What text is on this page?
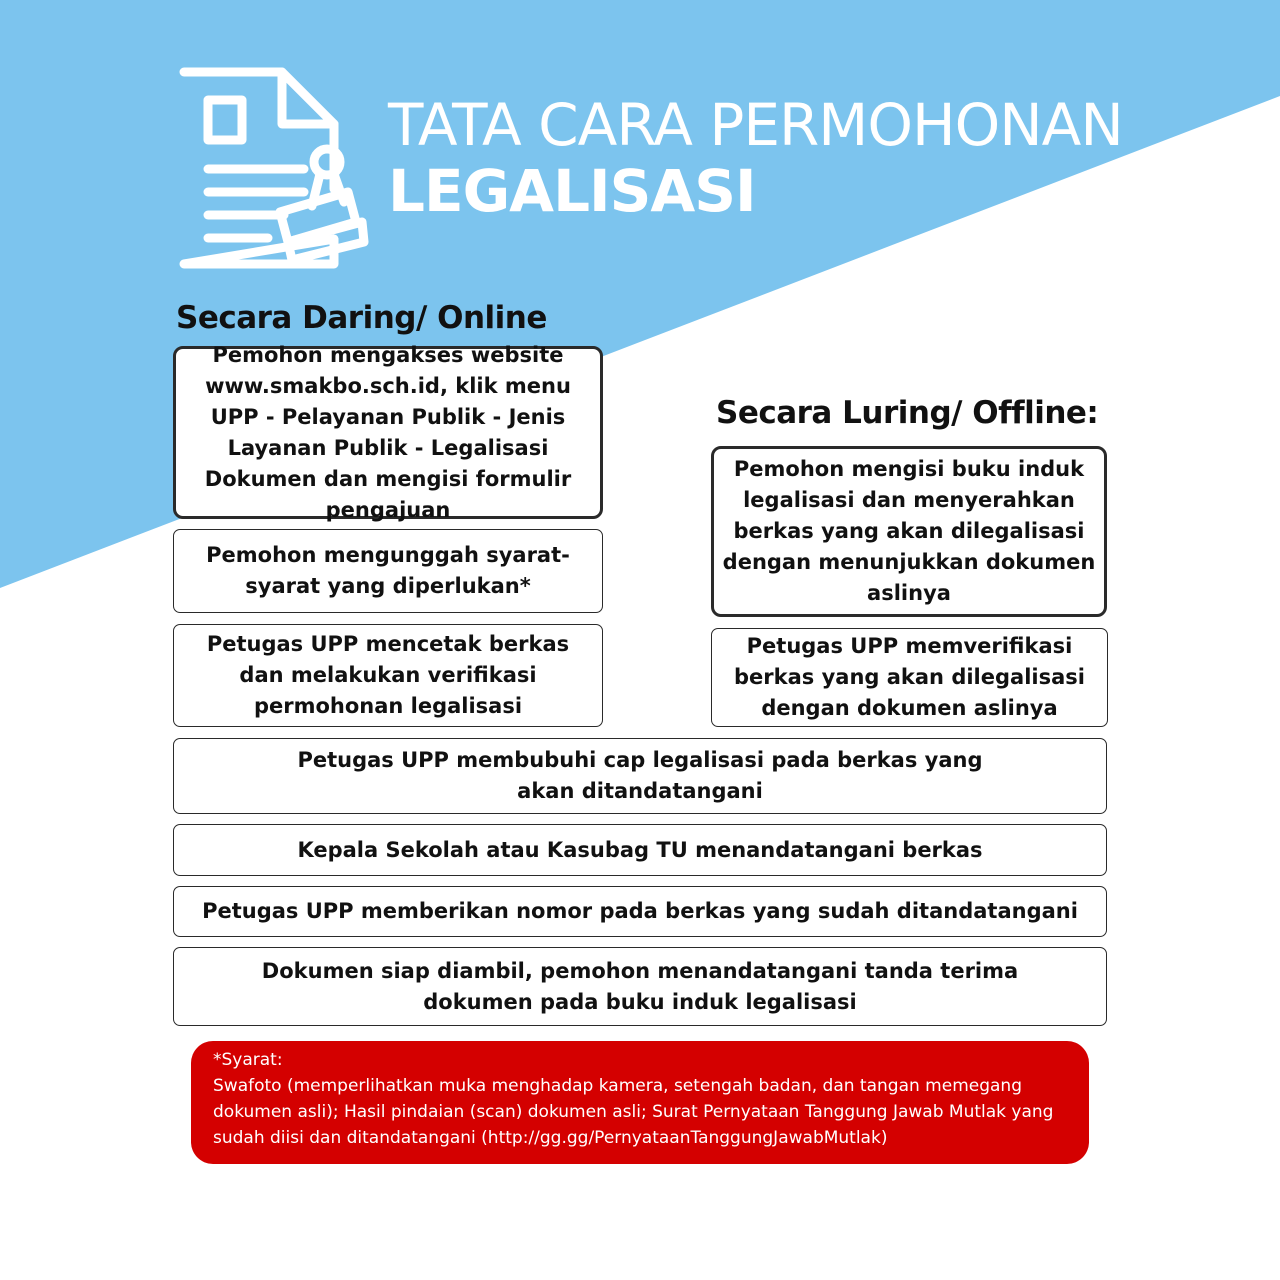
TATA CARA PERMOHONAN
LEGALISASI
Secara Daring/ Online
Secara Luring/ Offline:
Pemohon mengakses website www.smakbo.sch.id, klik menu UPP - Pelayanan Publik - Jenis Layanan Publik - Legalisasi Dokumen dan mengisi formulir pengajuan
Pemohon mengunggah syarat-syarat yang diperlukan*
Petugas UPP mencetak berkas dan melakukan verifikasi permohonan legalisasi
Pemohon mengisi buku induk legalisasi dan menyerahkan berkas yang akan dilegalisasi dengan menunjukkan dokumen aslinya
Petugas UPP memverifikasi berkas yang akan dilegalisasi dengan dokumen aslinya
Petugas UPP membubuhi cap legalisasi pada berkas yang akan ditandatangani
Kepala Sekolah atau Kasubag TU menandatangani berkas
Petugas UPP memberikan nomor pada berkas yang sudah ditandatangani
Dokumen siap diambil, pemohon menandatangani tanda terima dokumen pada buku induk legalisasi

*Syarat:

Swafoto (memperlihatkan muka menghadap kamera, setengah badan, dan tangan memegang dokumen asli); Hasil pindaian (scan) dokumen asli; Surat Pernyataan Tanggung Jawab Mutlak yang sudah diisi dan ditandatangani (http://gg.gg/PernyataanTanggungJawabMutlak)
